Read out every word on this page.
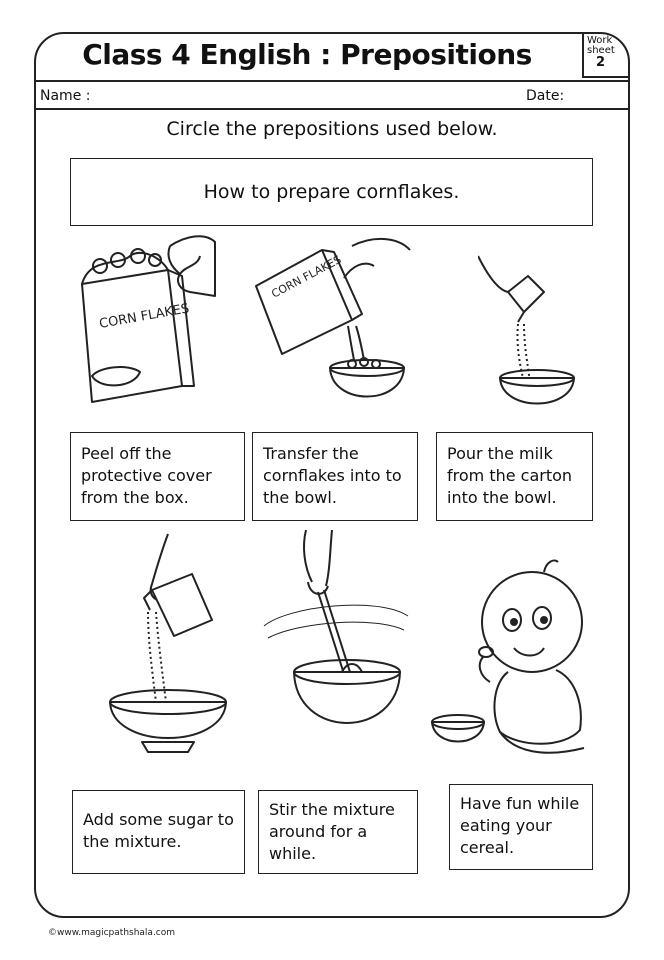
Class 4 English : Prepositions	Work sheet
2
Name :	Date:
Circle the prepositions used below.
How to prepare cornflakes.
CORN FLAKES
CORN FLAKES
Peel off the protective cover from the box.
Transfer the cornflakes into to the bowl.
Pour the milk from the carton into the bowl.
Add some sugar to the mixture.
Stir the mixture around for a while.
Have fun while eating your cereal.
©www.magicpathshala.com
